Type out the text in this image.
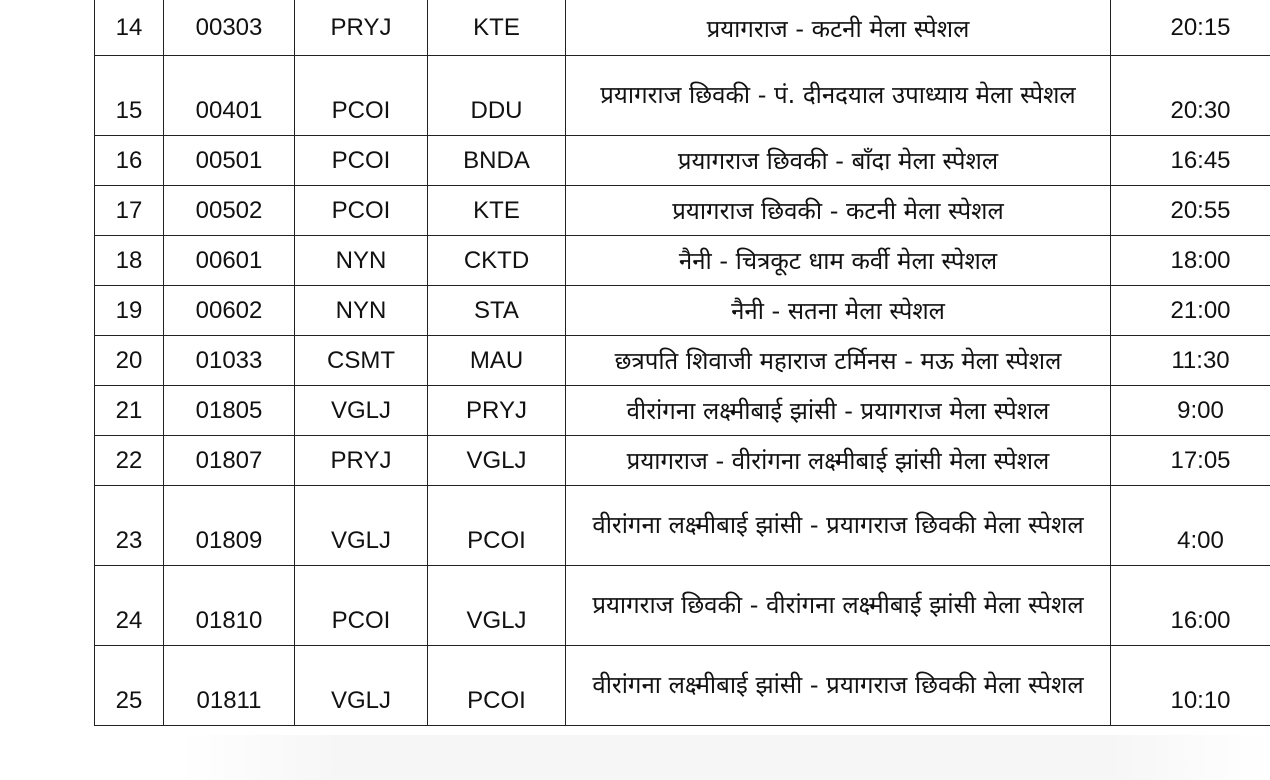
14	00303	PRYJ	KTE	प्रयागराज - कटनी मेला स्पेशल	20:15
15	00401	PCOI	DDU	प्रयागराज छिवकी - पं. दीनदयाल उपाध्याय मेला स्पेशल	20:30
16	00501	PCOI	BNDA	प्रयागराज छिवकी - बाँदा मेला स्पेशल	16:45
17	00502	PCOI	KTE	प्रयागराज छिवकी - कटनी मेला स्पेशल	20:55
18	00601	NYN	CKTD	नैनी - चित्रकूट धाम कर्वी मेला स्पेशल	18:00
19	00602	NYN	STA	नैनी - सतना मेला स्पेशल	21:00
20	01033	CSMT	MAU	छत्रपति शिवाजी महाराज टर्मिनस - मऊ मेला स्पेशल	11:30
21	01805	VGLJ	PRYJ	वीरांगना लक्ष्मीबाई झांसी - प्रयागराज मेला स्पेशल	9:00
22	01807	PRYJ	VGLJ	प्रयागराज - वीरांगना लक्ष्मीबाई झांसी मेला स्पेशल	17:05
23	01809	VGLJ	PCOI	वीरांगना लक्ष्मीबाई झांसी - प्रयागराज छिवकी मेला स्पेशल	4:00
24	01810	PCOI	VGLJ	प्रयागराज छिवकी - वीरांगना लक्ष्मीबाई झांसी मेला स्पेशल	16:00
25	01811	VGLJ	PCOI	वीरांगना लक्ष्मीबाई झांसी - प्रयागराज छिवकी मेला स्पेशल	10:10
